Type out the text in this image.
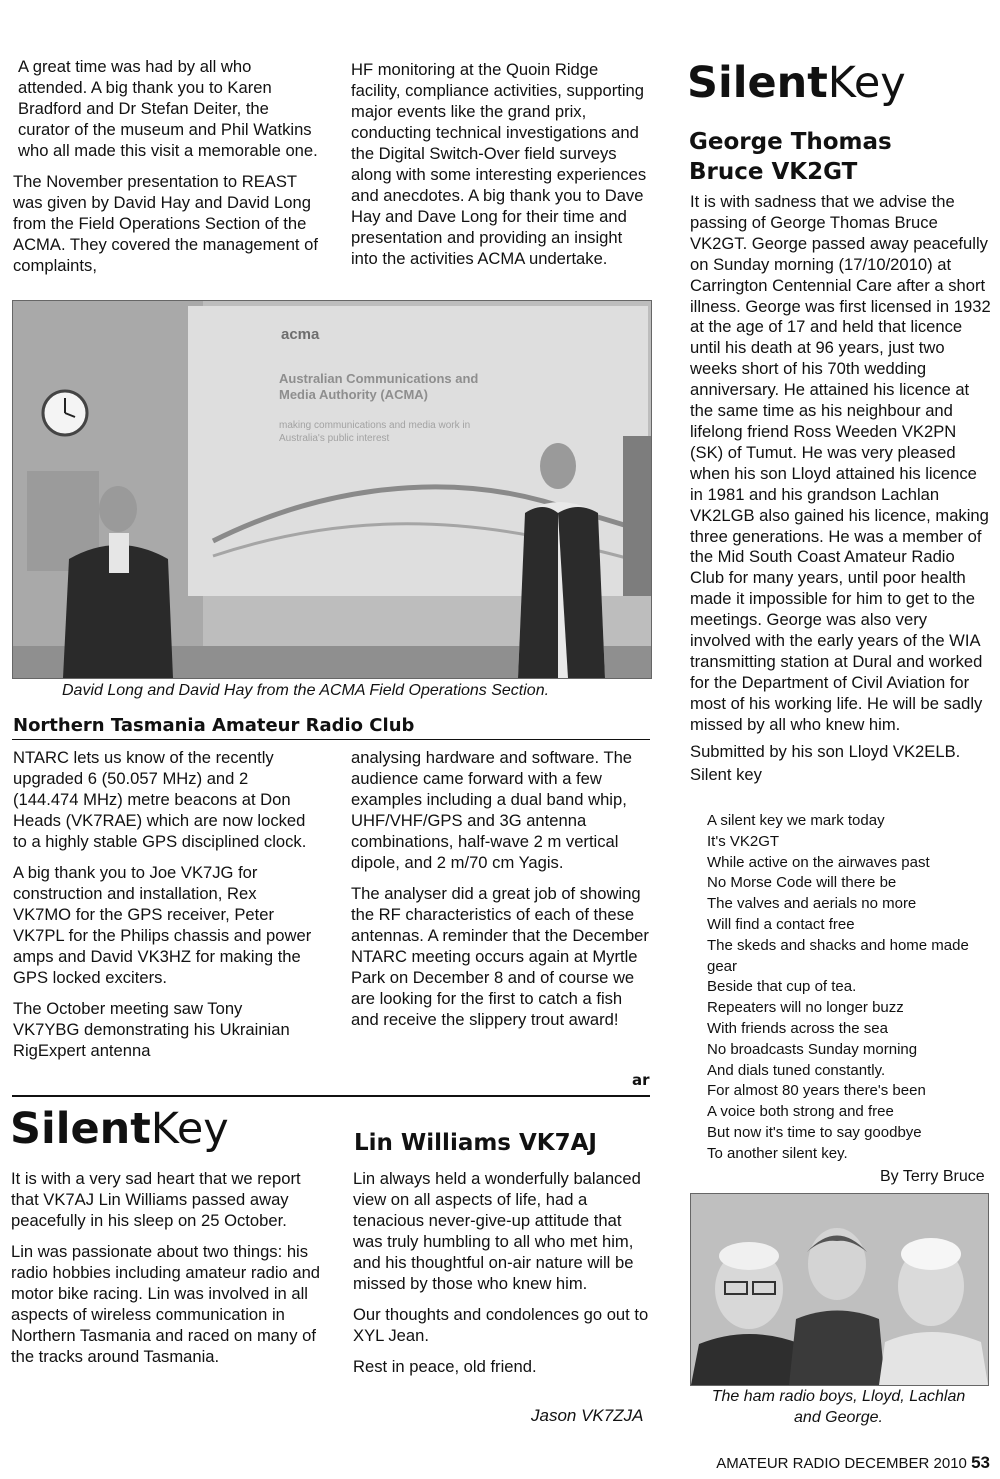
A great time was had by all who attended. A big thank you to Karen Bradford and Dr Stefan Deiter, the curator of the museum and Phil Watkins who all made this visit a memorable one.

The November presentation to REAST was given by David Hay and David Long from the Field Operations Section of the ACMA. They covered the management of complaints,

HF monitoring at the Quoin Ridge facility, compliance activities, supporting major events like the grand prix, conducting technical investigations and the Digital Switch-Over field surveys along with some interesting experiences and anecdotes. A big thank you to Dave Hay and Dave Long for their time and presentation and providing an insight into the activities ACMA undertake.

acma
Australian Communications and
Media Authority (ACMA)
making communications and media work in
Australia's public interest
David Long and David Hay from the ACMA Field Operations Section.
Northern Tasmania Amateur Radio Club

NTARC lets us know of the recently upgraded 6 (50.057 MHz) and 2 (144.474 MHz) metre beacons at Don Heads (VK7RAE) which are now locked to a highly stable GPS disciplined clock.

A big thank you to Joe VK7JG for construction and installation, Rex VK7MO for the GPS receiver, Peter VK7PL for the Philips chassis and power amps and David VK3HZ for making the GPS locked exciters.

The October meeting saw Tony VK7YBG demonstrating his Ukrainian RigExpert antenna

analysing hardware and software. The audience came forward with a few examples including a dual band whip, UHF/VHF/GPS and 3G antenna combinations, half-wave 2 m vertical dipole, and 2 m/70 cm Yagis.

The analyser did a great job of showing the RF characteristics of each of these antennas. A reminder that the December NTARC meeting occurs again at Myrtle Park on December 8 and of course we are looking for the first to catch a fish and receive the slippery trout award!

ar
SilentKey

It is with a very sad heart that we report that VK7AJ Lin Williams passed away peacefully in his sleep on 25 October.

Lin was passionate about two things: his radio hobbies including amateur radio and motor bike racing. Lin was involved in all aspects of wireless communication in Northern Tasmania and raced on many of the tracks around Tasmania.

Lin Williams VK7AJ

Lin always held a wonderfully balanced view on all aspects of life, had a tenacious never-give-up attitude that was truly humbling to all who met him, and his thoughtful on-air nature will be missed by those who knew him.

Our thoughts and condolences go out to XYL Jean.

Rest in peace, old friend.

Jason VK7ZJA
SilentKey
George Thomas
Bruce VK2GT

It is with sadness that we advise the passing of George Thomas Bruce VK2GT. George passed away peacefully on Sunday morning (17/10/2010) at Carrington Centennial Care after a short illness. George was first licensed in 1932 at the age of 17 and held that licence until his death at 96 years, just two weeks short of his 70th wedding anniversary. He attained his licence at the same time as his neighbour and lifelong friend Ross Weeden VK2PN (SK) of Tumut. He was very pleased when his son Lloyd attained his licence in 1981 and his grandson Lachlan VK2LGB also gained his licence, making three generations. He was a member of the Mid South Coast Amateur Radio Club for many years, until poor health made it impossible for him to get to the meetings. George was also very involved with the early years of the WIA transmitting station at Dural and worked for the Department of Civil Aviation for most of his working life. He will be sadly missed by all who knew him.

Submitted by his son Lloyd VK2ELB.

Silent key

A silent key we mark today
It's VK2GT
While active on the airwaves past
No Morse Code will there be
The valves and aerials no more
Will find a contact free
The skeds and shacks and home made
gear
Beside that cup of tea.
Repeaters will no longer buzz
With friends across the sea
No broadcasts Sunday morning
And dials tuned constantly.
For almost 80 years there's been
A voice both strong and free
But now it's time to say goodbye
To another silent key.
By Terry Bruce
The ham radio boys, Lloyd, Lachlan
and George.
AMATEUR RADIO DECEMBER 2010 53
